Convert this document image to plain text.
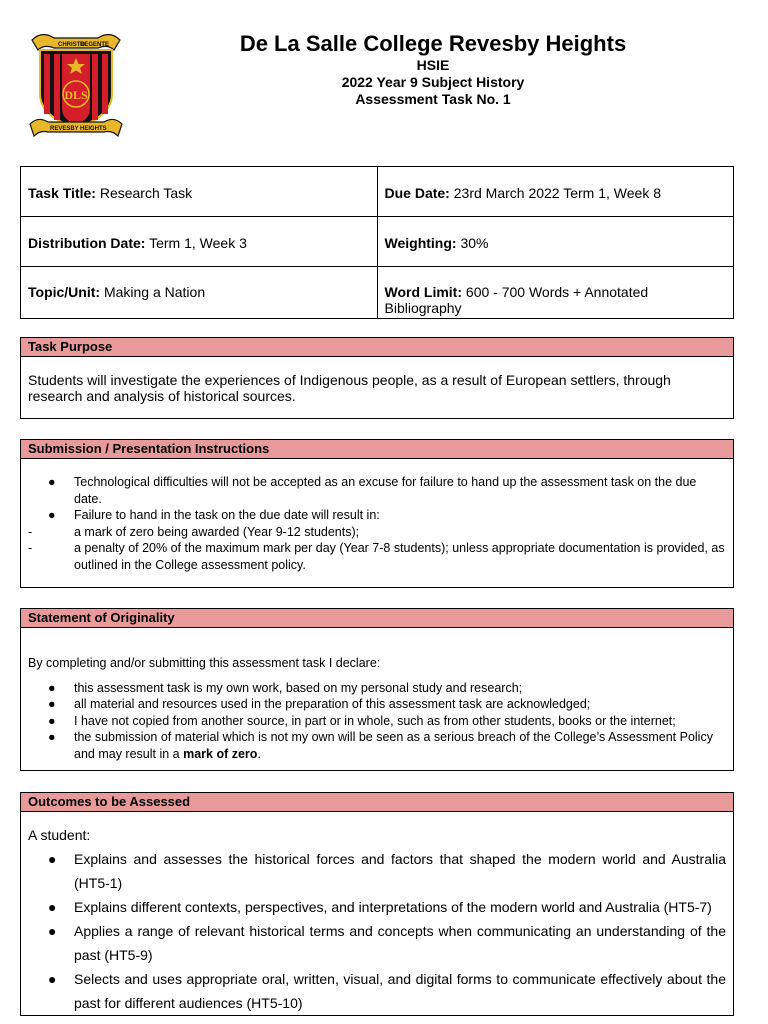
CHRISTO
REGENTE
DLS
REVESBY HEIGHTS
De La Salle College Revesby Heights
HSIE
2022 Year 9 Subject History
Assessment Task No. 1
Task Title: Research Task	Due Date: 23rd March 2022 Term 1, Week 8
Distribution Date: Term 1, Week 3	Weighting: 30%
Topic/Unit: Making a Nation	Word Limit: 600 - 700 Words + Annotated Bibliography
Task Purpose
Students will investigate the experiences of Indigenous people, as a result of European settlers, through research and analysis of historical sources.
Submission / Presentation Instructions
● Technological difficulties will not be accepted as an excuse for failure to hand up the assessment task on the due date.
● Failure to hand in the task on the due date will result in:
-	a mark of zero being awarded (Year 9-12 students);
-	a penalty of 20% of the maximum mark per day (Year 7-8 students); unless appropriate documentation is provided, as outlined in the College assessment policy.
Statement of Originality
By completing and/or submitting this assessment task I declare:
● this assessment task is my own work, based on my personal study and research;
● all material and resources used in the preparation of this assessment task are acknowledged;
● I have not copied from another source, in part or in whole, such as from other students, books or the internet;
● the submission of material which is not my own will be seen as a serious breach of the College’s Assessment Policy and may result in a mark of zero.
Outcomes to be Assessed
A student:
● Explains and assesses the historical forces and factors that shaped the modern world and Australia (HT5-1)
● Explains different contexts, perspectives, and interpretations of the modern world and Australia (HT5-7)
● Applies a range of relevant historical terms and concepts when communicating an understanding of the past (HT5-9)
● Selects and uses appropriate oral, written, visual, and digital forms to communicate effectively about the past for different audiences (HT5-10)
